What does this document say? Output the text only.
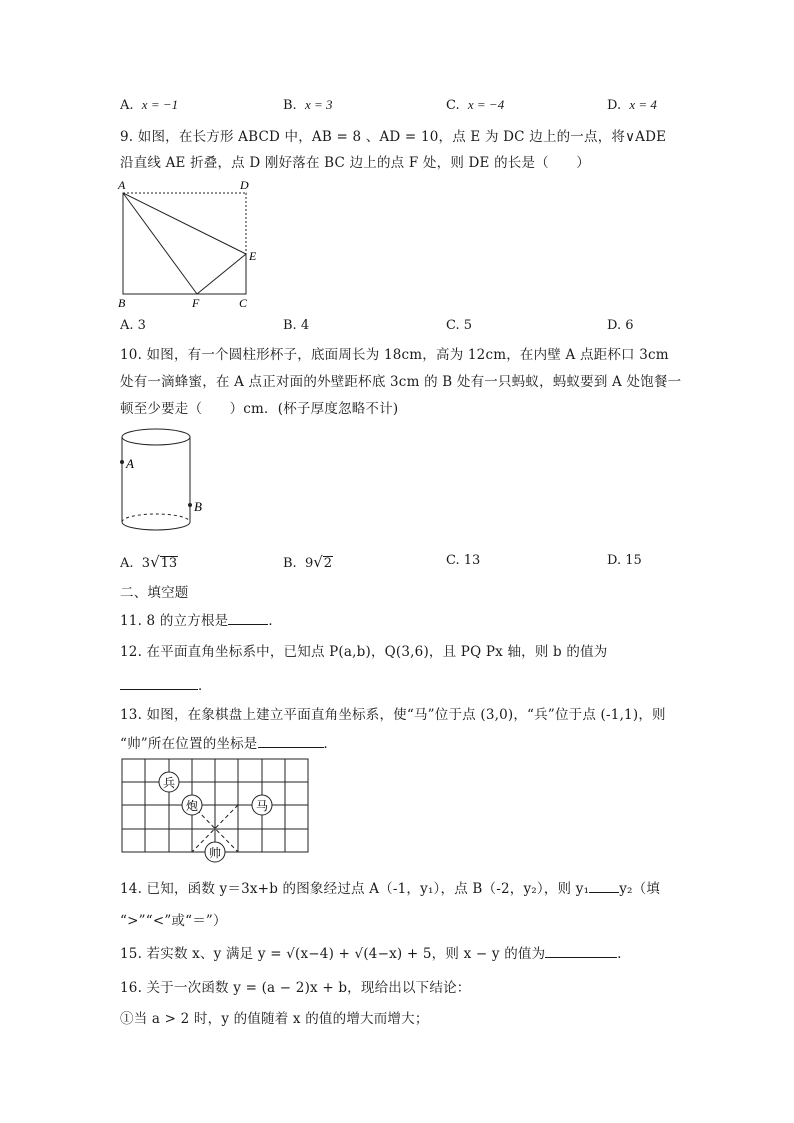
A. x = −1	B. x = 3	C. x = −4	D. x = 4
9. 如图，在长方形 ABCD 中，AB = 8 、AD = 10，点 E 为 DC 边上的一点，将∨ADE
沿直线 AE 折叠，点 D 刚好落在 BC 边上的点 F 处，则 DE 的长是（　　）
A	D
E
B	F	C
A. 3	B. 4	C. 5	D. 6
10. 如图，有一个圆柱形杯子，底面周长为 18cm，高为 12cm，在内壁 A 点距杯口 3cm
处有一滴蜂蜜，在 A 点正对面的外壁距杯底 3cm 的 B 处有一只蚂蚁，蚂蚁要到 A 处饱餐一
顿至少要走（　　）cm．(杯子厚度忽略不计)
A
B
A. 3√13	B. 9√2	C. 13	D. 15
二、填空题
11. 8 的立方根是	．
12. 在平面直角坐标系中，已知点 P(a,b)，Q(3,6)，且 PQ Px 轴，则 b 的值为
．
13. 如图，在象棋盘上建立平面直角坐标系，使“马”位于点 (3,0)，“兵”位于点 (-1,1)，则
“帅”所在位置的坐标是	．
兵
炮	马
帅
14. 已知，函数 y＝3x+b 的图象经过点 A（-1，y₁），点 B（-2，y₂），则 y₁ y₂（填
“>”“<”或“＝”）
15. 若实数 x、y 满足 y = √(x−4) + √(4−x) + 5，则 x − y 的值为	．
16. 关于一次函数 y = (a − 2)x + b，现给出以下结论：
①当 a > 2 时，y 的值随着 x 的值的增大而增大；
